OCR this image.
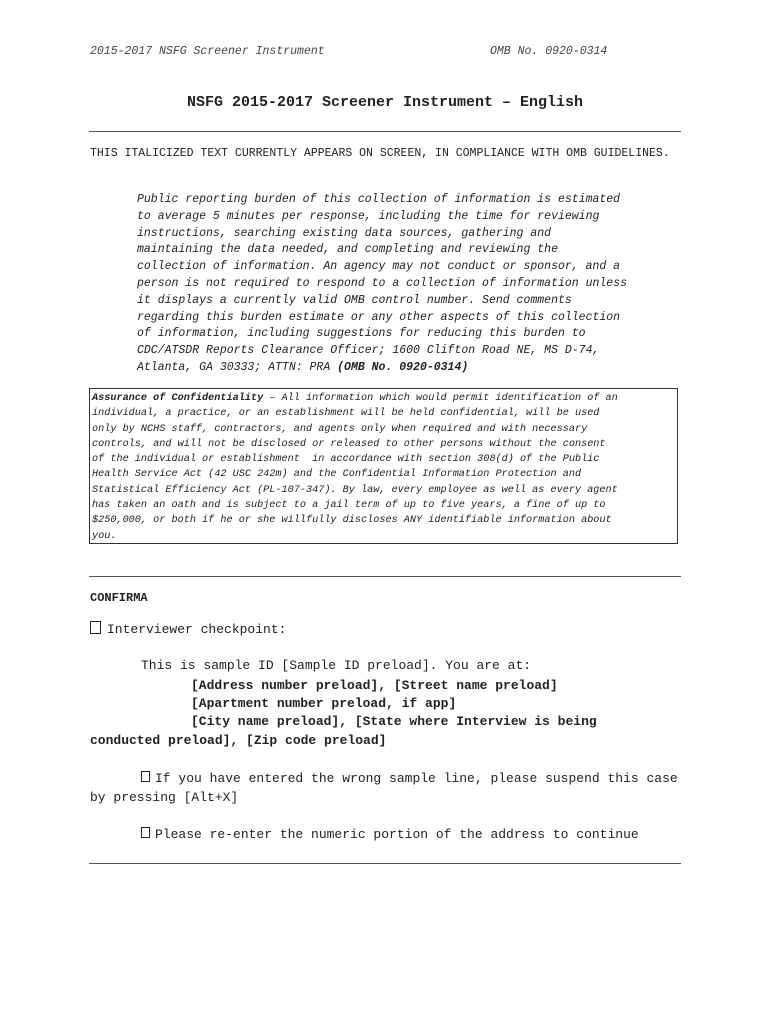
2015-2017 NSFG Screener Instrument	OMB No. 0920-0314
NSFG 2015-2017 Screener Instrument – English
THIS ITALICIZED TEXT CURRENTLY APPEARS ON SCREEN, IN COMPLIANCE WITH OMB GUIDELINES.
Public reporting burden of this collection of information is estimated
to average 5 minutes per response, including the time for reviewing
instructions, searching existing data sources, gathering and
maintaining the data needed, and completing and reviewing the
collection of information. An agency may not conduct or sponsor, and a
person is not required to respond to a collection of information unless
it displays a currently valid OMB control number. Send comments
regarding this burden estimate or any other aspects of this collection
of information, including suggestions for reducing this burden to
CDC/ATSDR Reports Clearance Officer; 1600 Clifton Road NE, MS D-74,
Atlanta, GA 30333; ATTN: PRA (OMB No. 0920-0314)
Assurance of Confidentiality – All information which would permit identification of an
individual, a practice, or an establishment will be held confidential, will be used
only by NCHS staff, contractors, and agents only when required and with necessary
controls, and will not be disclosed or released to other persons without the consent
of the individual or establishment  in accordance with section 308(d) of the Public
Health Service Act (42 USC 242m) and the Confidential Information Protection and
Statistical Efficiency Act (PL-107-347). By law, every employee as well as every agent
has taken an oath and is subject to a jail term of up to five years, a fine of up to
$250,000, or both if he or she willfully discloses ANY identifiable information about
you.
CONFIRMA
Interviewer checkpoint:
This is sample ID [Sample ID preload]. You are at:
[Address number preload], [Street name preload]
[Apartment number preload, if app]
[City name preload], [State where Interview is being
conducted preload], [Zip code preload]
If you have entered the wrong sample line, please suspend this case by pressing [Alt+X]
Please re-enter the numeric portion of the address to continue
